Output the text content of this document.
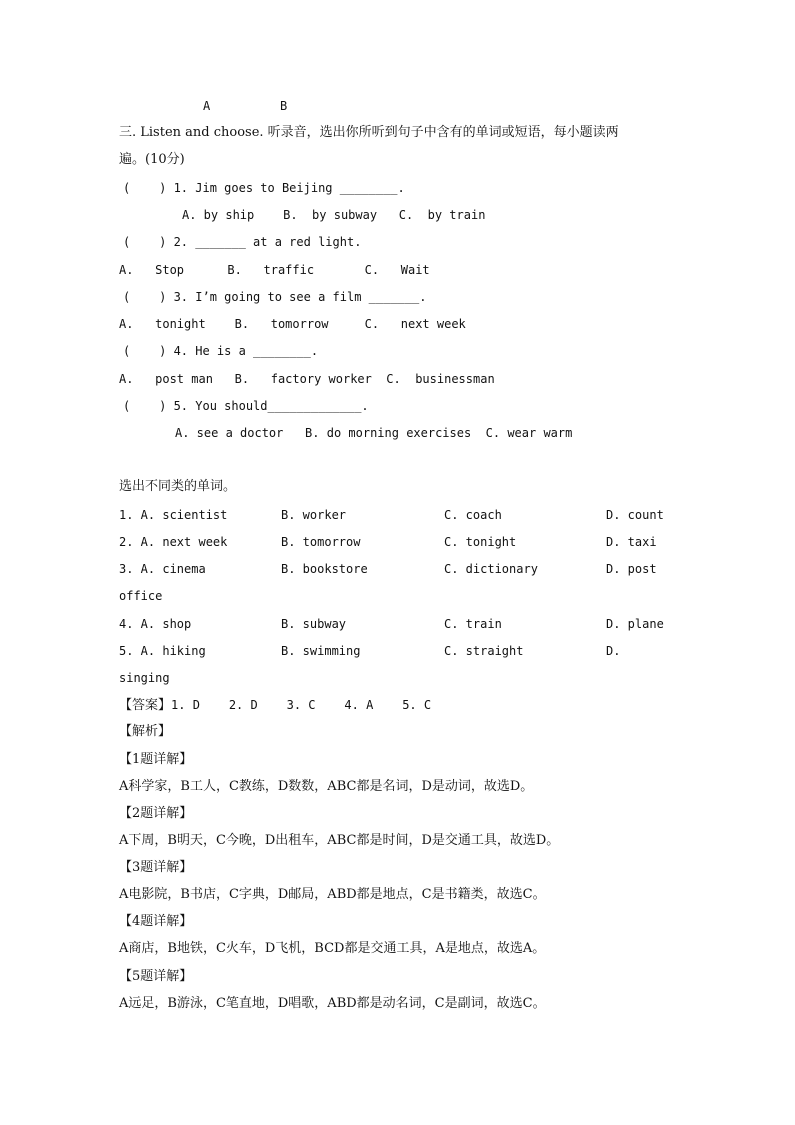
A	B
三. Listen and choose. 听录音，选出你所听到句子中含有的单词或短语，每小题读两
遍。(10分)
(    ) 1. Jim goes to Beijing ________.
A. by ship    B.  by subway   C.  by train
(    ) 2. _______ at a red light.
A.   Stop      B.   traffic       C.   Wait
(    ) 3. I’m going to see a film _______.
A.   tonight    B.   tomorrow     C.   next week
(    ) 4. He is a ________.
A.   post man   B.   factory worker  C.  businessman
(    ) 5. You should_____________.
A. see a doctor   B. do morning exercises  C. wear warm
选出不同类的单词。
1. A. scientist	B. worker	C. coach	D. count
2. A. next week	B. tomorrow	C. tonight	D. taxi
3. A. cinema	B. bookstore	C. dictionary	D. post
office
4. A. shop	B. subway	C. train	D. plane
5. A. hiking	B. swimming	C. straight	D.
singing
【答案】1. D    2. D    3. C    4. A    5. C
【解析】
【1题详解】
A科学家，B工人，C教练，D数数，ABC都是名词，D是动词，故选D。
【2题详解】
A下周，B明天，C今晚，D出租车，ABC都是时间，D是交通工具，故选D。
【3题详解】
A电影院，B书店，C字典，D邮局，ABD都是地点，C是书籍类，故选C。
【4题详解】
A商店，B地铁，C火车，D飞机，BCD都是交通工具，A是地点，故选A。
【5题详解】
A远足，B游泳，C笔直地，D唱歌，ABD都是动名词，C是副词，故选C。
